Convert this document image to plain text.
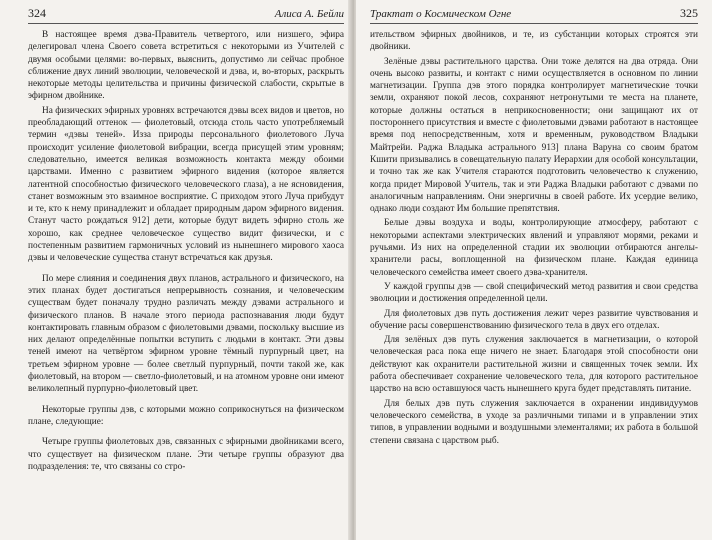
324	Алиса А. Бейли

В настоящее время дэва-Правитель четвертого, или низшего, эфира делегировал члена Своего совета встретиться с некоторыми из Учителей с двумя особыми целями: во-первых, выяснить, допустимо ли сейчас пробное сближение двух линий эволюции, человеческой и дэва, и, во-вторых, раскрыть некоторые методы целительства и причины физической слабости, скрытые в эфирном двойнике.

На физических эфирных уровнях встречаются дэвы всех видов и цветов, но преобладающий оттенок — фиолетовый, отсюда столь часто употребляемый термин «дэвы теней». Изза природы персонального фиолетового Луча происходит усиление фиолетовой вибрации, всегда присущей этим уровням; следовательно, имеется великая возможность контакта между обоими царствами. Именно с развитием эфирного видения (которое является латентной способностью физического человеческого глаза), а не ясновидения, станет возможным это взаимное восприятие. С приходом этого Луча прибудут и те, кто к нему принадлежит и обладает природным даром эфирного видения. Станут часто рождаться 912] дети, которые будут видеть эфирно столь же хорошо, как среднее человеческое существо видит физически, и с постепенным развитием гармоничных условий из нынешнего мирового хаоса дэвы и человеческие существа станут встречаться как друзья.

По мере слияния и соединения двух планов, астрального и физического, на этих планах будет достигаться непрерывность сознания, и человеческим существам будет поначалу трудно различать между дэвами астрального и физического планов. В начале этого периода распознавания люди будут контактировать главным образом с фиолетовыми дэвами, поскольку высшие из них делают определённые попытки вступить с людьми в контакт. Эти дэвы теней имеют на четвёртом эфирном уровне тёмный пурпурный цвет, на третьем эфирном уровне — более светлый пурпурный, почти такой же, как фиолетовый, на втором — светло-фиолетовый, и на атомном уровне они имеют великолепный пурпурно-фиолетовый цвет.

Некоторые группы дэв, с которыми можно соприкоснуться на физическом плане, следующие:

Четыре группы фиолетовых дэв, связанных с эфирными двойниками всего, что существует на физическом плане. Эти четыре группы образуют два подразделения: те, что связаны со стро-

Трактат о Космическом Огне	325

ительством эфирных двойников, и те, из субстанции которых строятся эти двойники.

Зелёные дэвы растительного царства. Они тоже делятся на два отряда. Они очень высоко развиты, и контакт с ними осуществляется в основном по линии магнетизации. Группа дэв этого порядка контролирует магнетические точки земли, охраняют покой лесов, сохраняют нетронутыми те места на планете, которые должны остаться в неприкосновенности; они защищают их от постороннего присутствия и вместе с фиолетовыми дэвами работают в настоящее время под непосредственным, хотя и временным, руководством Владыки Майтрейи. Раджа Владыка астрального 913] плана Варуна со своим братом Кшити призывались в совещательную палату Иерархии для особой консультации, и точно так же как Учителя стараются подготовить человечество к служению, когда придет Мировой Учитель, так и эти Раджа Владыки работают с дэвами по аналогичным направлениям. Они энергичны в своей работе. Их усердие велико, однако люди создают Им большие препятствия.

Белые дэвы воздуха и воды, контролирующие атмосферу, работают с некоторыми аспектами электрических явлений и управляют морями, реками и ручьями. Из них на определенной стадии их эволюции отбираются ангелы-хранители расы, воплощенной на физическом плане. Каждая единица человеческого семейства имеет своего дэва-хранителя.

У каждой группы дэв — свой специфический метод развития и свои средства эволюции и достижения определенной цели.

Для фиолетовых дэв путь достижения лежит через развитие чувствования и обучение расы совершенствованию физического тела в двух его отделах.

Для зелёных дэв путь служения заключается в магнетизации, о которой человеческая раса пока еще ничего не знает. Благодаря этой способности они действуют как охранители растительной жизни и священных точек земли. Их работа обеспечивает сохранение человеческого тела, для которого растительное царство на всю оставшуюся часть нынешнего круга будет представлять питание.

Для белых дэв путь служения заключается в охранении индивидуумов человеческого семейства, в уходе за различными типами и в управлении этих типов, в управлении водными и воздушными элементалями; их работа в большой степени связана с царством рыб.
